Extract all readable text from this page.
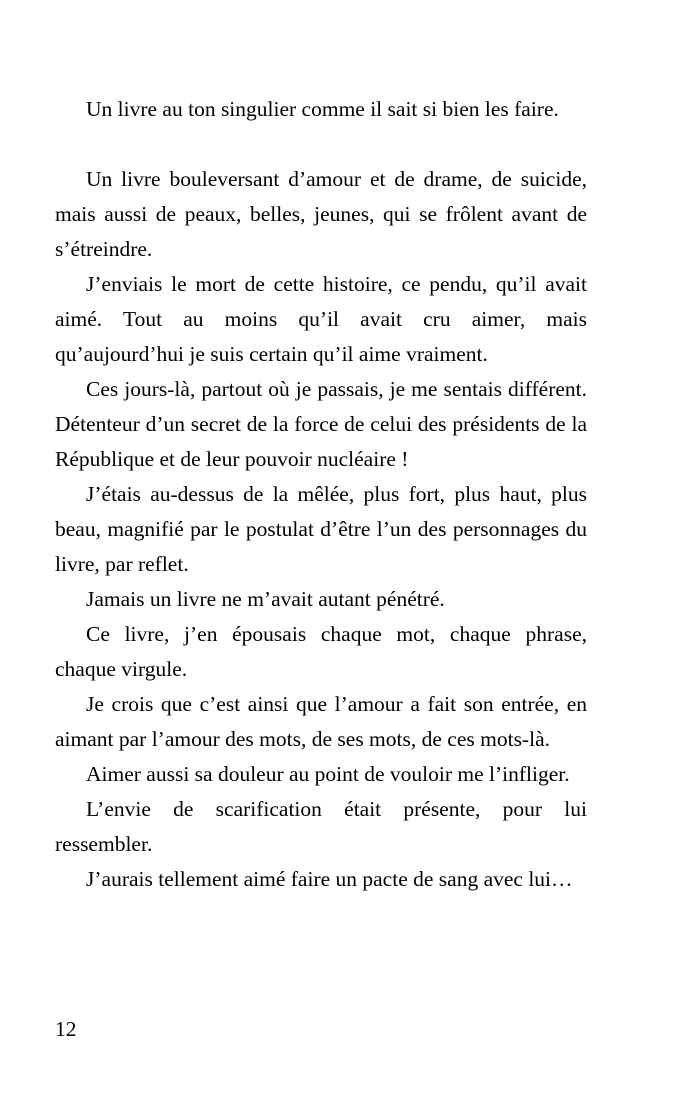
Un livre au ton singulier comme il sait si bien les faire.

Un livre bouleversant d’amour et de drame, de suicide, mais aussi de peaux, belles, jeunes, qui se frôlent avant de s’étreindre.

J’enviais le mort de cette histoire, ce pendu, qu’il avait aimé. Tout au moins qu’il avait cru aimer, mais qu’aujourd’hui je suis certain qu’il aime vraiment.

Ces jours-là, partout où je passais, je me sentais différent. Détenteur d’un secret de la force de celui des présidents de la République et de leur pouvoir nucléaire !

J’étais au-dessus de la mêlée, plus fort, plus haut, plus beau, magnifié par le postulat d’être l’un des personnages du livre, par reflet.

Jamais un livre ne m’avait autant pénétré.

Ce livre, j’en épousais chaque mot, chaque phrase, chaque virgule.

Je crois que c’est ainsi que l’amour a fait son entrée, en aimant par l’amour des mots, de ses mots, de ces mots-là.

Aimer aussi sa douleur au point de vouloir me l’infliger.

L’envie de scarification était présente, pour lui ressembler.

J’aurais tellement aimé faire un pacte de sang avec lui…

12
